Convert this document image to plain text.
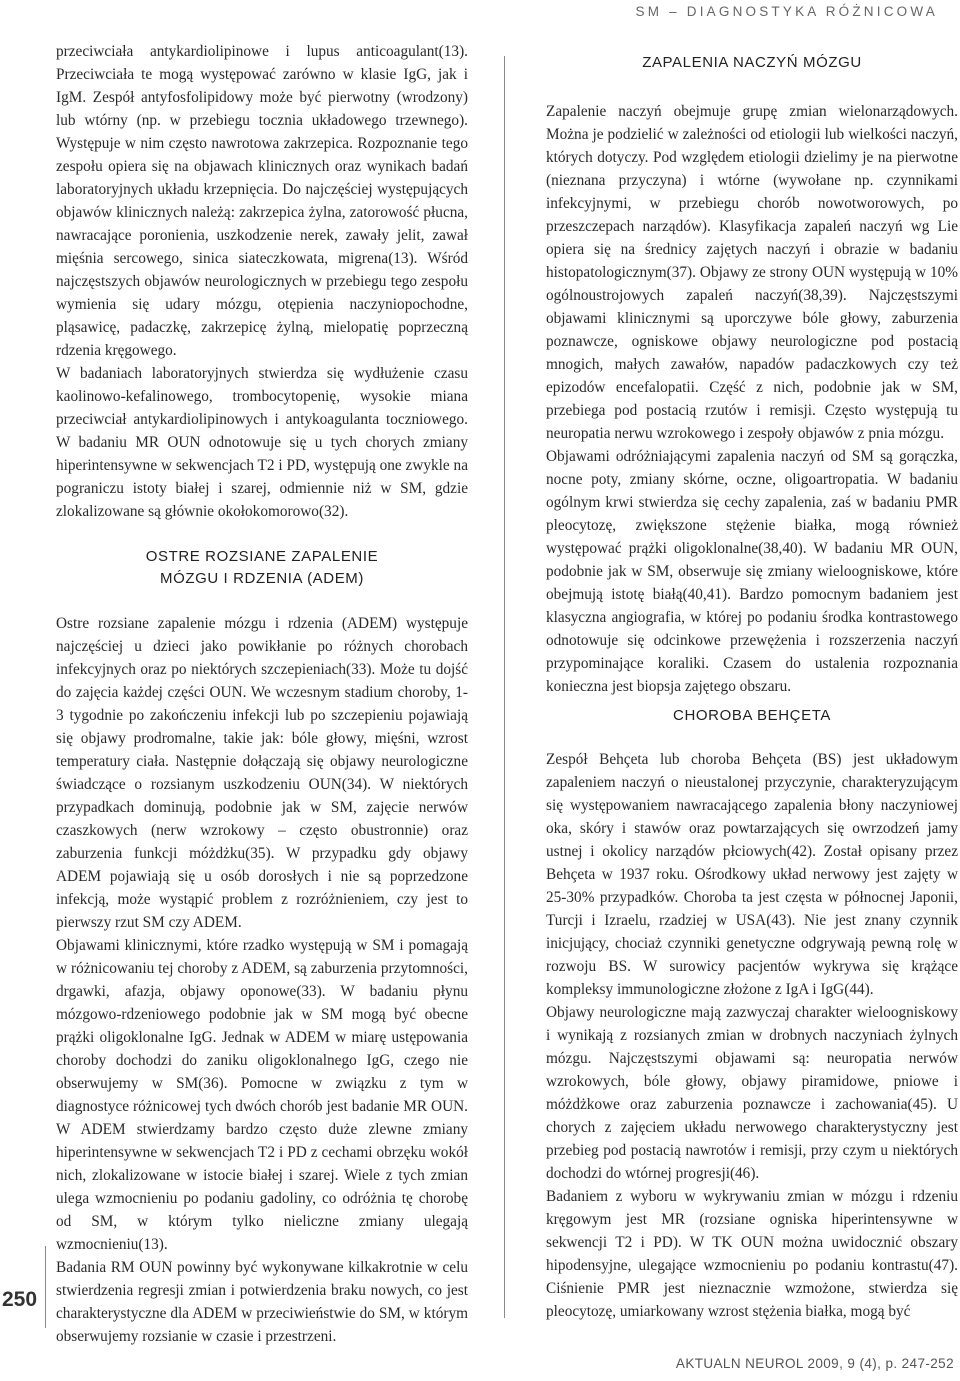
SM – DIAGNOSTYKA RÓŻNICOWA
250

przeciwciała antykardiolipinowe i lupus anticoagulant(13). Przeciwciała te mogą występować zarówno w klasie IgG, jak i IgM. Zespół antyfosfolipidowy może być pierwotny (wrodzony) lub wtórny (np. w przebiegu tocznia układowego trzewnego). Występuje w nim często nawrotowa zakrzepica. Rozpoznanie tego zespołu opiera się na objawach klinicznych oraz wynikach badań laboratoryjnych układu krzepnięcia. Do najczęściej występujących objawów klinicznych należą: zakrzepica żylna, zatorowość płucna, nawracające poronienia, uszkodzenie nerek, zawały jelit, zawał mięśnia sercowego, sinica siateczkowata, migrena(13). Wśród najczęstszych objawów neurologicznych w przebiegu tego zespołu wymienia się udary mózgu, otępienia naczyniopochodne, pląsawicę, padaczkę, zakrzepicę żylną, mielopatię poprzeczną rdzenia kręgowego.

W badaniach laboratoryjnych stwierdza się wydłużenie czasu kaolinowo-kefalinowego, trombocytopenię, wysokie miana przeciwciał antykardiolipinowych i antykoagulanta toczniowego. W badaniu MR OUN odnotowuje się u tych chorych zmiany hiperintensywne w sekwencjach T2 i PD, występują one zwykle na pograniczu istoty białej i szarej, odmiennie niż w SM, gdzie zlokalizowane są głównie okołokomorowo(32).

OSTRE ROZSIANE ZAPALENIE
MÓZGU I RDZENIA (ADEM)

Ostre rozsiane zapalenie mózgu i rdzenia (ADEM) występuje najczęściej u dzieci jako powikłanie po różnych chorobach infekcyjnych oraz po niektórych szczepieniach(33). Może tu dojść do zajęcia każdej części OUN. We wczesnym stadium choroby, 1-3 tygodnie po zakończeniu infekcji lub po szczepieniu pojawiają się objawy prodromalne, takie jak: bóle głowy, mięśni, wzrost temperatury ciała. Następnie dołączają się objawy neurologiczne świadczące o rozsianym uszkodzeniu OUN(34). W niektórych przypadkach dominują, podobnie jak w SM, zajęcie nerwów czaszkowych (nerw wzrokowy – często obustronnie) oraz zaburzenia funkcji móżdżku(35). W przypadku gdy objawy ADEM pojawiają się u osób dorosłych i nie są poprzedzone infekcją, może wystąpić problem z rozróżnieniem, czy jest to pierwszy rzut SM czy ADEM.

Objawami klinicznymi, które rzadko występują w SM i pomagają w różnicowaniu tej choroby z ADEM, są zaburzenia przytomności, drgawki, afazja, objawy oponowe(33). W badaniu płynu mózgowo-rdzeniowego podobnie jak w SM mogą być obecne prążki oligoklonalne IgG. Jednak w ADEM w miarę ustępowania choroby dochodzi do zaniku oligoklonalnego IgG, czego nie obserwujemy w SM(36). Pomocne w związku z tym w diagnostyce różnicowej tych dwóch chorób jest badanie MR OUN. W ADEM stwierdzamy bardzo często duże zlewne zmiany hiperintensywne w sekwencjach T2 i PD z cechami obrzęku wokół nich, zlokalizowane w istocie białej i szarej. Wiele z tych zmian ulega wzmocnieniu po podaniu gadoliny, co odróżnia tę chorobę od SM, w którym tylko nieliczne zmiany ulegają wzmocnieniu(13).

Badania RM OUN powinny być wykonywane kilkakrotnie w celu stwierdzenia regresji zmian i potwierdzenia braku nowych, co jest charakterystyczne dla ADEM w przeciwieństwie do SM, w którym obserwujemy rozsianie w czasie i przestrzeni.

ZAPALENIA NACZYŃ MÓZGU

Zapalenie naczyń obejmuje grupę zmian wielonarządowych. Można je podzielić w zależności od etiologii lub wielkości naczyń, których dotyczy. Pod względem etiologii dzielimy je na pierwotne (nieznana przyczyna) i wtórne (wywołane np. czynnikami infekcyjnymi, w przebiegu chorób nowotworowych, po przeszczepach narządów). Klasyfikacja zapaleń naczyń wg Lie opiera się na średnicy zajętych naczyń i obrazie w badaniu histopatologicznym(37). Objawy ze strony OUN występują w 10% ogólnoustrojowych zapaleń naczyń(38,39). Najczęstszymi objawami klinicznymi są uporczywe bóle głowy, zaburzenia poznawcze, ogniskowe objawy neurologiczne pod postacią mnogich, małych zawałów, napadów padaczkowych czy też epizodów encefalopatii. Część z nich, podobnie jak w SM, przebiega pod postacią rzutów i remisji. Często występują tu neuropatia nerwu wzrokowego i zespoły objawów z pnia mózgu.

Objawami odróżniającymi zapalenia naczyń od SM są gorączka, nocne poty, zmiany skórne, oczne, oligoartropatia. W badaniu ogólnym krwi stwierdza się cechy zapalenia, zaś w badaniu PMR pleocytozę, zwiększone stężenie białka, mogą również występować prążki oligoklonalne(38,40). W badaniu MR OUN, podobnie jak w SM, obserwuje się zmiany wieloogniskowe, które obejmują istotę białą(40,41). Bardzo pomocnym badaniem jest klasyczna angiografia, w której po podaniu środka kontrastowego odnotowuje się odcinkowe przewężenia i rozszerzenia naczyń przypominające koraliki. Czasem do ustalenia rozpoznania konieczna jest biopsja zajętego obszaru.

CHOROBA BEHÇETA

Zespół Behçeta lub choroba Behçeta (BS) jest układowym zapaleniem naczyń o nieustalonej przyczynie, charakteryzującym się występowaniem nawracającego zapalenia błony naczyniowej oka, skóry i stawów oraz powtarzających się owrzodzeń jamy ustnej i okolicy narządów płciowych(42). Został opisany przez Behçeta w 1937 roku. Ośrodkowy układ nerwowy jest zajęty w 25-30% przypadków. Choroba ta jest częsta w północnej Japonii, Turcji i Izraelu, rzadziej w USA(43). Nie jest znany czynnik inicjujący, chociaż czynniki genetyczne odgrywają pewną rolę w rozwoju BS. W surowicy pacjentów wykrywa się krążące kompleksy immunologiczne złożone z IgA i IgG(44).

Objawy neurologiczne mają zazwyczaj charakter wieloogniskowy i wynikają z rozsianych zmian w drobnych naczyniach żylnych mózgu. Najczęstszymi objawami są: neuropatia nerwów wzrokowych, bóle głowy, objawy piramidowe, pniowe i móżdżkowe oraz zaburzenia poznawcze i zachowania(45). U chorych z zajęciem układu nerwowego charakterystyczny jest przebieg pod postacią nawrotów i remisji, przy czym u niektórych dochodzi do wtórnej progresji(46).

Badaniem z wyboru w wykrywaniu zmian w mózgu i rdzeniu kręgowym jest MR (rozsiane ogniska hiperintensywne w sekwencji T2 i PD). W TK OUN można uwidocznić obszary hipodensyjne, ulegające wzmocnieniu po podaniu kontrastu(47). Ciśnienie PMR jest nieznacznie wzmożone, stwierdza się pleocytozę, umiarkowany wzrost stężenia białka, mogą być

AKTUALN NEUROL 2009, 9 (4), p. 247-252
